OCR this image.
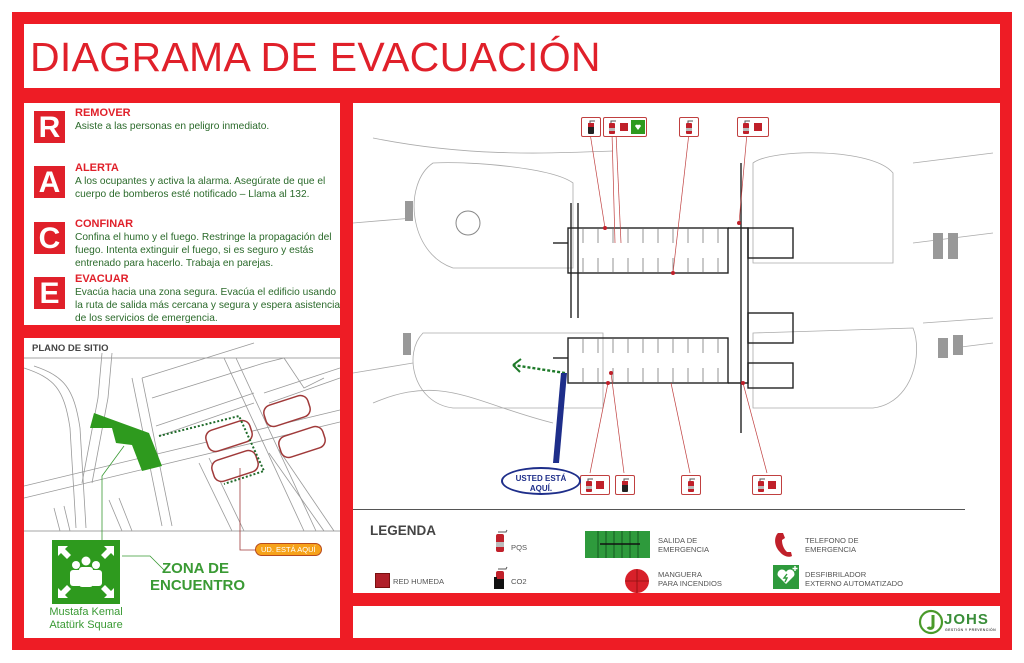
DIAGRAMA DE EVACUACIÓN
R	REMOVER
Asiste a las personas en peligro inmediato.
A	ALERTA
A los ocupantes y activa la alarma. Asegúrate de que el cuerpo de bomberos esté notificado – Llama al 132.
C	CONFINAR
Confina el humo y el fuego. Restringe la propagación del fuego. Intenta extinguir el fuego, si es seguro y estás entrenado para hacerlo. Trabaja en parejas.
E	EVACUAR
Evacúa hacia una zona segura. Evacúa el edificio usando la ruta de salida más cercana y segura y espera asistencia de los servicios de emergencia.
PLANO DE SITIO
ZONA DE
ENCUENTRO
Mustafa Kemal
Atatürk Square
UD. ESTÁ AQUÍ
USTED ESTÁ
AQUÍ.
LEGENDA
PQS
RED HUMEDA	CO2
SALIDA DE
EMERGENCIA
MANGUERA
PARA INCENDIOS
TELEFONO DE
EMERGENCIA
DESFIBRILADOR
EXTERNO AUTOMATIZADO
JOHS
GESTIÓN Y PREVENCIÓN
